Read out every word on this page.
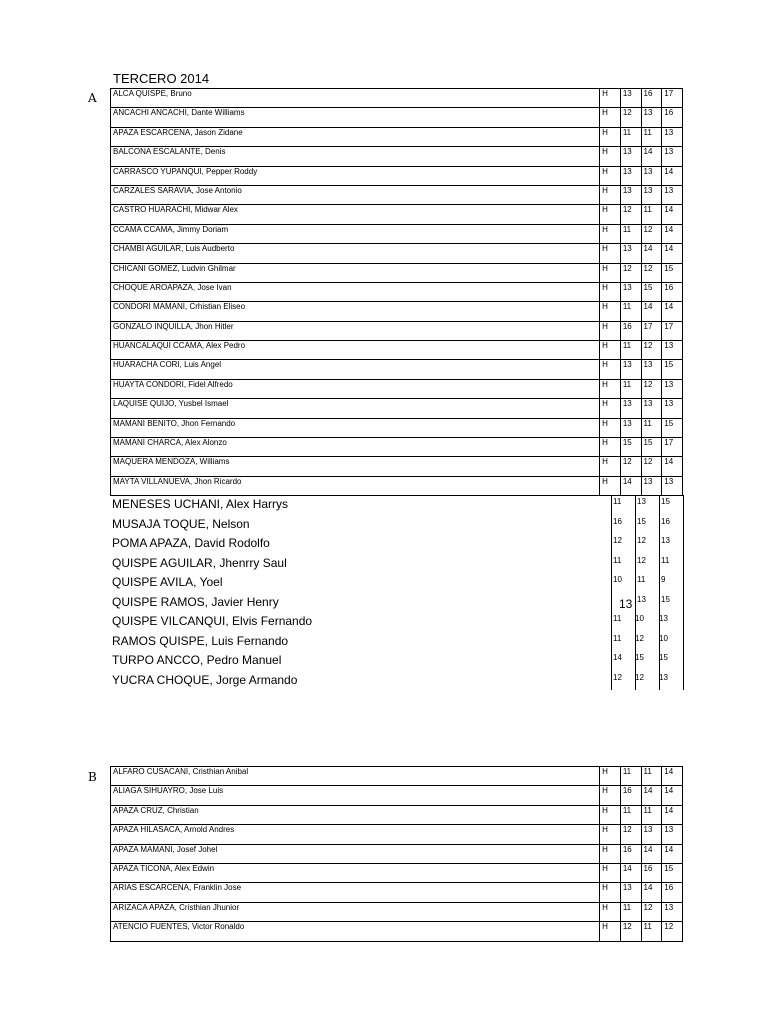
TERCERO 2014
A ALCA QUISPE, Bruno	H	13	16	17
ANCACHI ANCACHI, Dante Williams	H	12	13	16
APAZA ESCARCENA, Jason Zidane	H	11	11	13
BALCONA ESCALANTE, Denis	H	13	14	13
CARRASCO YUPANQUI, Pepper Roddy	H	13	13	14
CARZALES SARAVIA, Jose Antonio	H	13	13	13
CASTRO HUARACHI, Midwar Alex	H	12	11	14
CCAMA CCAMA, Jimmy Doriam	H	11	12	14
CHAMBI AGUILAR, Luis Audberto	H	13	14	14
CHICANI GOMEZ, Ludvin Ghilmar	H	12	12	15
CHOQUE AROAPAZA, Jose Ivan	H	13	15	16
CONDORI MAMANI, Crhistian Eliseo	H	11	14	14
GONZALO INQUILLA, Jhon Hitler	H	16	17	17
HUANCALAQUI CCAMA, Alex Pedro	H	11	12	13
HUARACHA CORI, Luis Angel	H	13	13	15
HUAYTA CONDORI, Fidel Alfredo	H	11	12	13
LAQUISE QUIJO, Yusbel Ismael	H	13	13	13
MAMANI BENITO, Jhon Fernando	H	13	11	15
MAMANI CHARCA, Alex Alonzo	H	15	15	17
MAQUERA MENDOZA, Williams	H	12	12	14
MAYTA VILLANUEVA, Jhon Ricardo	H	14	13	13
MENESES UCHANI, Alex Harrys	11 13 15
MUSAJA TOQUE, Nelson	16 15 16
POMA APAZA, David Rodolfo	12 12 13
QUISPE AGUILAR, Jhenrry Saul	11 12 11
QUISPE AVILA, Yoel	10 11 9
QUISPE RAMOS, Javier Henry	13 13 15
QUISPE VILCANQUI, Elvis Fernando	11 10 13
RAMOS QUISPE, Luis Fernando	11 12 10
TURPO ANCCO, Pedro Manuel	14 15 15
YUCRA CHOQUE, Jorge Armando	12 12 13
B ALFARO CUSACANI, Cristhian Anibal	H	11	11	14
ALIAGA SIHUAYRO, Jose Luis	H	16	14	14
APAZA CRUZ, Christian	H	11	11	14
APAZA HILASACA, Arnold Andres	H	12	13	13
APAZA MAMANI, Josef Johel	H	16	14	14
APAZA TICONA, Alex Edwin	H	14	16	15
ARIAS ESCARCENA, Franklin Jose	H	13	14	16
ARIZACA APAZA, Cristhian Jhunior	H	11	12	13
ATENCIO FUENTES, Victor Ronaldo	H	12	11	12
